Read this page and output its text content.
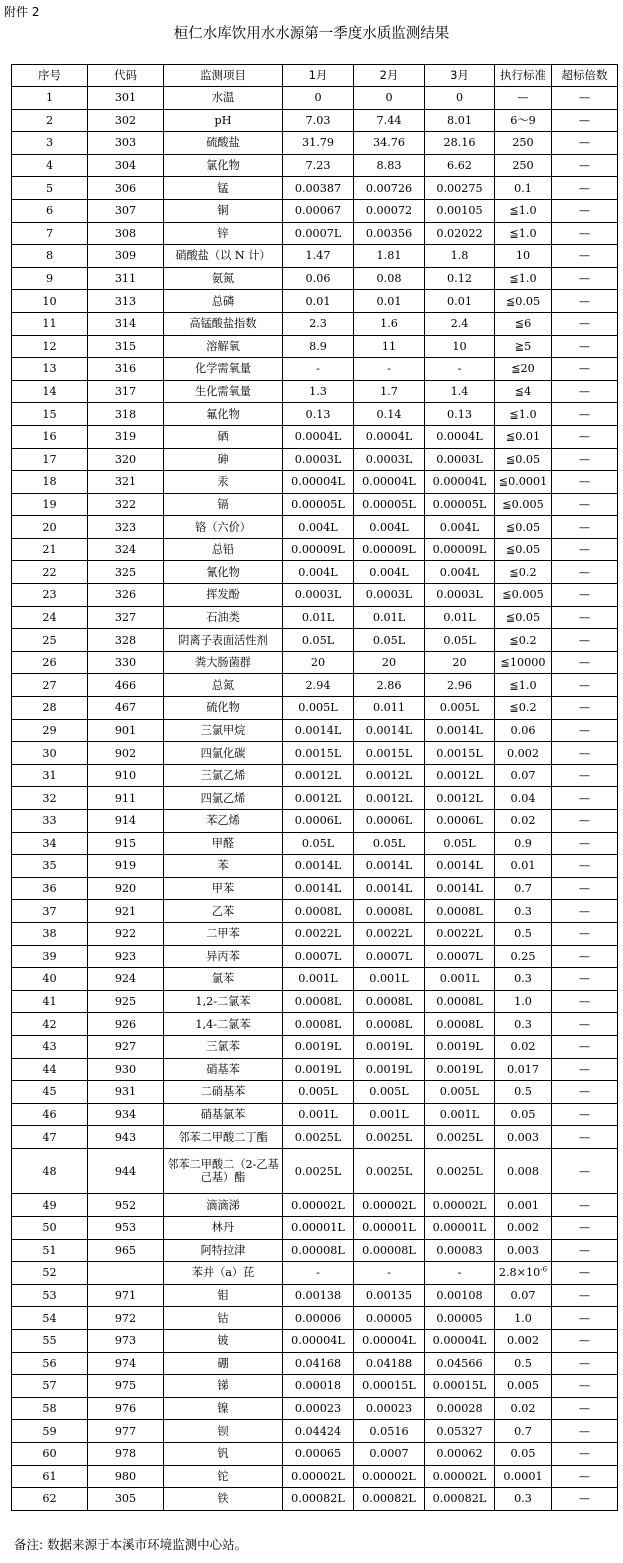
附件 2
桓仁水库饮用水水源第一季度水质监测结果
序号	代码	监测项目	1月	2月	3月	执行标准	超标倍数
1	301	水温	0	0	0	—	—
2	302	pH	7.03	7.44	8.01	6～9	—
3	303	硫酸盐	31.79	34.76	28.16	250	—
4	304	氯化物	7.23	8.83	6.62	250	—
5	306	锰	0.00387	0.00726	0.00275	0.1	—
6	307	铜	0.00067	0.00072	0.00105	≦1.0	—
7	308	锌	0.0007L	0.00356	0.02022	≦1.0	—
8	309	硝酸盐（以 N 计）	1.47	1.81	1.8	10	—
9	311	氨氮	0.06	0.08	0.12	≦1.0	—
10	313	总磷	0.01	0.01	0.01	≦0.05	—
11	314	高锰酸盐指数	2.3	1.6	2.4	≦6	—
12	315	溶解氧	8.9	11	10	≧5	—
13	316	化学需氧量	-	-	-	≦20	—
14	317	生化需氧量	1.3	1.7	1.4	≦4	—
15	318	氟化物	0.13	0.14	0.13	≦1.0	—
16	319	硒	0.0004L	0.0004L	0.0004L	≦0.01	—
17	320	砷	0.0003L	0.0003L	0.0003L	≦0.05	—
18	321	汞	0.00004L	0.00004L	0.00004L	≦0.0001	—
19	322	镉	0.00005L	0.00005L	0.00005L	≦0.005	—
20	323	铬（六价）	0.004L	0.004L	0.004L	≦0.05	—
21	324	总铅	0.00009L	0.00009L	0.00009L	≦0.05	—
22	325	氰化物	0.004L	0.004L	0.004L	≦0.2	—
23	326	挥发酚	0.0003L	0.0003L	0.0003L	≦0.005	—
24	327	石油类	0.01L	0.01L	0.01L	≦0.05	—
25	328	阴离子表面活性剂	0.05L	0.05L	0.05L	≦0.2	—
26	330	粪大肠菌群	20	20	20	≦10000	—
27	466	总氮	2.94	2.86	2.96	≦1.0	—
28	467	硫化物	0.005L	0.011	0.005L	≦0.2	—
29	901	三氯甲烷	0.0014L	0.0014L	0.0014L	0.06	—
30	902	四氯化碳	0.0015L	0.0015L	0.0015L	0.002	—
31	910	三氯乙烯	0.0012L	0.0012L	0.0012L	0.07	—
32	911	四氯乙烯	0.0012L	0.0012L	0.0012L	0.04	—
33	914	苯乙烯	0.0006L	0.0006L	0.0006L	0.02	—
34	915	甲醛	0.05L	0.05L	0.05L	0.9	—
35	919	苯	0.0014L	0.0014L	0.0014L	0.01	—
36	920	甲苯	0.0014L	0.0014L	0.0014L	0.7	—
37	921	乙苯	0.0008L	0.0008L	0.0008L	0.3	—
38	922	二甲苯	0.0022L	0.0022L	0.0022L	0.5	—
39	923	异丙苯	0.0007L	0.0007L	0.0007L	0.25	—
40	924	氯苯	0.001L	0.001L	0.001L	0.3	—
41	925	1,2-二氯苯	0.0008L	0.0008L	0.0008L	1.0	—
42	926	1,4-二氯苯	0.0008L	0.0008L	0.0008L	0.3	—
43	927	三氯苯	0.0019L	0.0019L	0.0019L	0.02	—
44	930	硝基苯	0.0019L	0.0019L	0.0019L	0.017	—
45	931	二硝基苯	0.005L	0.005L	0.005L	0.5	—
46	934	硝基氯苯	0.001L	0.001L	0.001L	0.05	—
47	943	邻苯二甲酸二丁酯	0.0025L	0.0025L	0.0025L	0.003	—
48	944	邻苯二甲酸二（2-乙基己基）酯	0.0025L	0.0025L	0.0025L	0.008	—
49	952	滴滴涕	0.00002L	0.00002L	0.00002L	0.001	—
50	953	林丹	0.00001L	0.00001L	0.00001L	0.002	—
51	965	阿特拉津	0.00008L	0.00008L	0.00083	0.003	—
52		苯并（a）芘	-	-	-	$2.8\times 10^{-6}$	—
53	971	钼	0.00138	0.00135	0.00108	0.07	—
54	972	钴	0.00006	0.00005	0.00005	1.0	—
55	973	铍	0.00004L	0.00004L	0.00004L	0.002	—
56	974	硼	0.04168	0.04188	0.04566	0.5	—
57	975	锑	0.00018	0.00015L	0.00015L	0.005	—
58	976	镍	0.00023	0.00023	0.00028	0.02	—
59	977	钡	0.04424	0.0516	0.05327	0.7	—
60	978	钒	0.00065	0.0007	0.00062	0.05	—
61	980	铊	0.00002L	0.00002L	0.00002L	0.0001	—
62	305	铁	0.00082L	0.00082L	0.00082L	0.3	—
备注: 数据来源于本溪市环境监测中心站。
